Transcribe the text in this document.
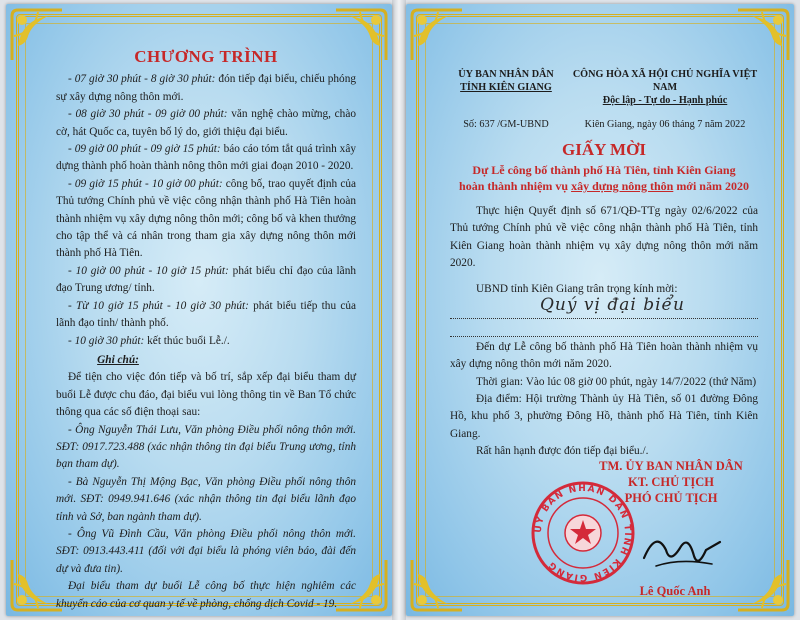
CHƯƠNG TRÌNH
- 07 giờ 30 phút - 8 giờ 30 phút: đón tiếp đại biểu, chiếu phóng sự xây dựng nông thôn mới.
- 08 giờ 30 phút - 09 giờ 00 phút: văn nghệ chào mừng, chào cờ, hát Quốc ca, tuyên bố lý do, giới thiệu đại biểu.
- 09 giờ 00 phút - 09 giờ 15 phút: báo cáo tóm tắt quá trình xây dựng thành phố hoàn thành nông thôn mới giai đoạn 2010 - 2020.
- 09 giờ 15 phút - 10 giờ 00 phút: công bố, trao quyết định của Thủ tướng Chính phủ về việc công nhận thành phố Hà Tiên hoàn thành nhiệm vụ xây dựng nông thôn mới; công bố và khen thưởng cho tập thể và cá nhân trong tham gia xây dựng nông thôn mới thành phố Hà Tiên.
- 10 giờ 00 phút - 10 giờ 15 phút: phát biểu chỉ đạo của lãnh đạo Trung ương/ tỉnh.
- Từ 10 giờ 15 phút - 10 giờ 30 phút: phát biểu tiếp thu của lãnh đạo tỉnh/ thành phố.
- 10 giờ 30 phút: kết thúc buổi Lễ./.
Ghi chú:
Để tiện cho việc đón tiếp và bố trí, sắp xếp đại biểu tham dự buổi Lễ được chu đáo, đại biểu vui lòng thông tin về Ban Tổ chức thông qua các số điện thoại sau:
- Ông Nguyễn Thái Lưu, Văn phòng Điều phối nông thôn mới. SĐT: 0917.723.488 (xác nhận thông tin đại biểu Trung ương, tỉnh bạn tham dự).
- Bà Nguyễn Thị Mộng Bạc, Văn phòng Điều phối nông thôn mới. SĐT: 0949.941.646 (xác nhận thông tin đại biểu lãnh đạo tỉnh và Sở, ban ngành tham dự).
- Ông Vũ Đình Cầu, Văn phòng Điều phối nông thôn mới. SĐT: 0913.443.411 (đối với đại biểu là phóng viên báo, đài đến dự và đưa tin).
Đại biểu tham dự buổi Lễ công bố thực hiện nghiêm các khuyến cáo của cơ quan y tế về phòng, chống dịch Covid - 19.
ỦY BAN NHÂN DÂN
TỈNH KIÊN GIANG
CÔNG HÒA XÃ HỘI CHỦ NGHĨA VIỆT NAM
Độc lập - Tự do - Hạnh phúc
Số: 637 /GM-UBND	Kiên Giang, ngày 06 tháng 7 năm 2022
GIẤY MỜI
Dự Lễ công bố thành phố Hà Tiên, tỉnh Kiên Giang
hoàn thành nhiệm vụ xây dựng nông thôn mới năm 2020
Thực hiện Quyết định số 671/QĐ-TTg ngày 02/6/2022 của Thủ tướng Chính phủ về việc công nhận thành phố Hà Tiên, tỉnh Kiên Giang hoàn thành nhiệm vụ xây dựng nông thôn mới năm 2020.
UBND tỉnh Kiên Giang trân trọng kính mời:
Quý vị đại biểu
Đến dự Lễ công bố thành phố Hà Tiên hoàn thành nhiệm vụ xây dựng nông thôn mới năm 2020.
Thời gian: Vào lúc 08 giờ 00 phút, ngày 14/7/2022 (thứ Năm)
Địa điểm: Hội trường Thành ủy Hà Tiên, số 01 đường Đông Hồ, khu phố 3, phường Đông Hồ, thành phố Hà Tiên, tỉnh Kiên Giang.
Rất hân hạnh được đón tiếp đại biểu./.
TM. ỦY BAN NHÂN DÂN
KT. CHỦ TỊCH
PHÓ CHỦ TỊCH
ỦY BAN NHÂN DÂN TỈNH KIÊN GIANG
Lê Quốc Anh
